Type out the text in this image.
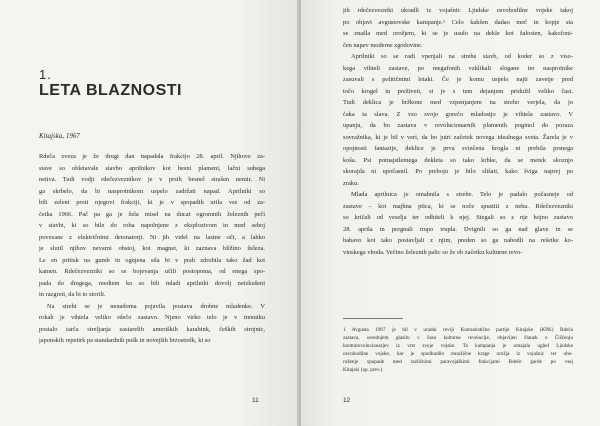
1.
LETA BLAZNOSTI
Kitajska, 1967
Rdeča zveza je že drugi dan napadala frakcijo 28. april. Njihove za-
stave so obletavale stavbo aprilnikov kot besni plameni, lačni subega
netiva. Tudi vodji rdečezvezníkov je v prsih besnel strašen nemir. Ni
ga skrbelo, da bi nasprotnikom uspelo zadržati napad. Aprilniki so
bili zeleni proti njegovi frakciji, ki je v spopadih urila vse od za-
četka 1966. Pač pa ga je žela misel na ducat ogromnih železnih peči
v stavbi, ki so bile do roba napolnjene z eksplozivom in med seboj
povezane z električnimi detonatorji. Ni jih videl na lastne oči, a lahko
je slutil njihov nevarni obstoj, kot magnet, ki zaznava bližino železa.
Le en pritisk na gumb in ognjena sila bi v prah zdrobila tako žad kot
kamen. Rdečezvezniki so se bojevanja učili postopoma, od enega spo-
pada do drugega, medtem ko so bili mladi aprilniki dovolj neizkušeni
in razgreti, da bi to storili.
Na strehi se je nenadoma pojavila postava drobne mladenke. V
rokah je vihtela veliko rdečo zastavo. Njeno virko telo je v trenutku
postalo tarča streljanja zastarelih ameriških karabink, čeških strojnic,
japonskih repetirk pa standardnih pušk in novejših brzostrelk, ki so
11
jih rdečezvezniki ukradli iz vojašnic Ljudske osvobodilne vojske takoj
po objavi avgustovske kampanje.¹ Celo kakšen dadao meč in kopje sta
se znašla med orožjem, ki se je usulo na dekle kot žalosten, kakofoni-
čen napev moderne zgodovine.
Aprilniki so se radi vpenjali na strehe stavb, od koder so z viso-
kega vihteli zastave, po megafonih vzklikali slogane ter nasprotnike
zasuvali s političnimi letaki. Če je komu uspelo najti zavetje pred
točo krogel in preživeti, si je s tem dejanjem pridužil veliko čast.
Tudi deklica je bržkone med vzpenjanjem na streho verjela, da jo
čaka ta slava. Z vso svojo gorečo mladostjo je vihtela zastavo. V
upanju, da bo zastava v revolucionarnih plamenih poginol do poraza
sovražnika, ki je bil v veri, da bo jutri začetek novega idealnega sveta. Žarela je v
opojnosti fantazije, deklice je prva svinčena krogla ni prebila prsnega
koša. Psi potnajstletnega dekleta so tako krhke, da se metek skoznjo
skorajda ni upočasnil. Po preboju je bilo slišati, kako švigа naprej po
zraku.
Mlada aprilnica je omahnila s strehe. Telo je padalo počasneje od
zastave – kot majhna ptica, ki se noče spustiti z neba. Rdečezvezniki
so kričali od veselja ter odhiteli k njej. Stegali so z nje hojno zastavo
28. aprila in pregnali trupo trupla. Dvignili so ga nad glave in se
bahavo kot tako postavljali z njim, preden so ga nabodli na rešetke ko-
vinskega vhoda. Večino železnih palic so že ob začetku kulturne revo-
1 Avgusta 1967 je bil v uradni reviji Komunistične partije Kitajske (KPK) Rdeča
zastava, osrednjem glasilu v času kulturne revolucije, objavljen članek o Čiščenju
kontrarevolucionarjev iz vrst svoje vojske. Ta kampanja je omajala ugled Ljudske
osvobodilne vojske, kar je spodbudilo množične krage orožja iz vojašnic ter obo-
roženje spopade med različnimi paravojaškimi frakcijami Rdeče garde po vsej
Kitajski (op. prev.).
12
